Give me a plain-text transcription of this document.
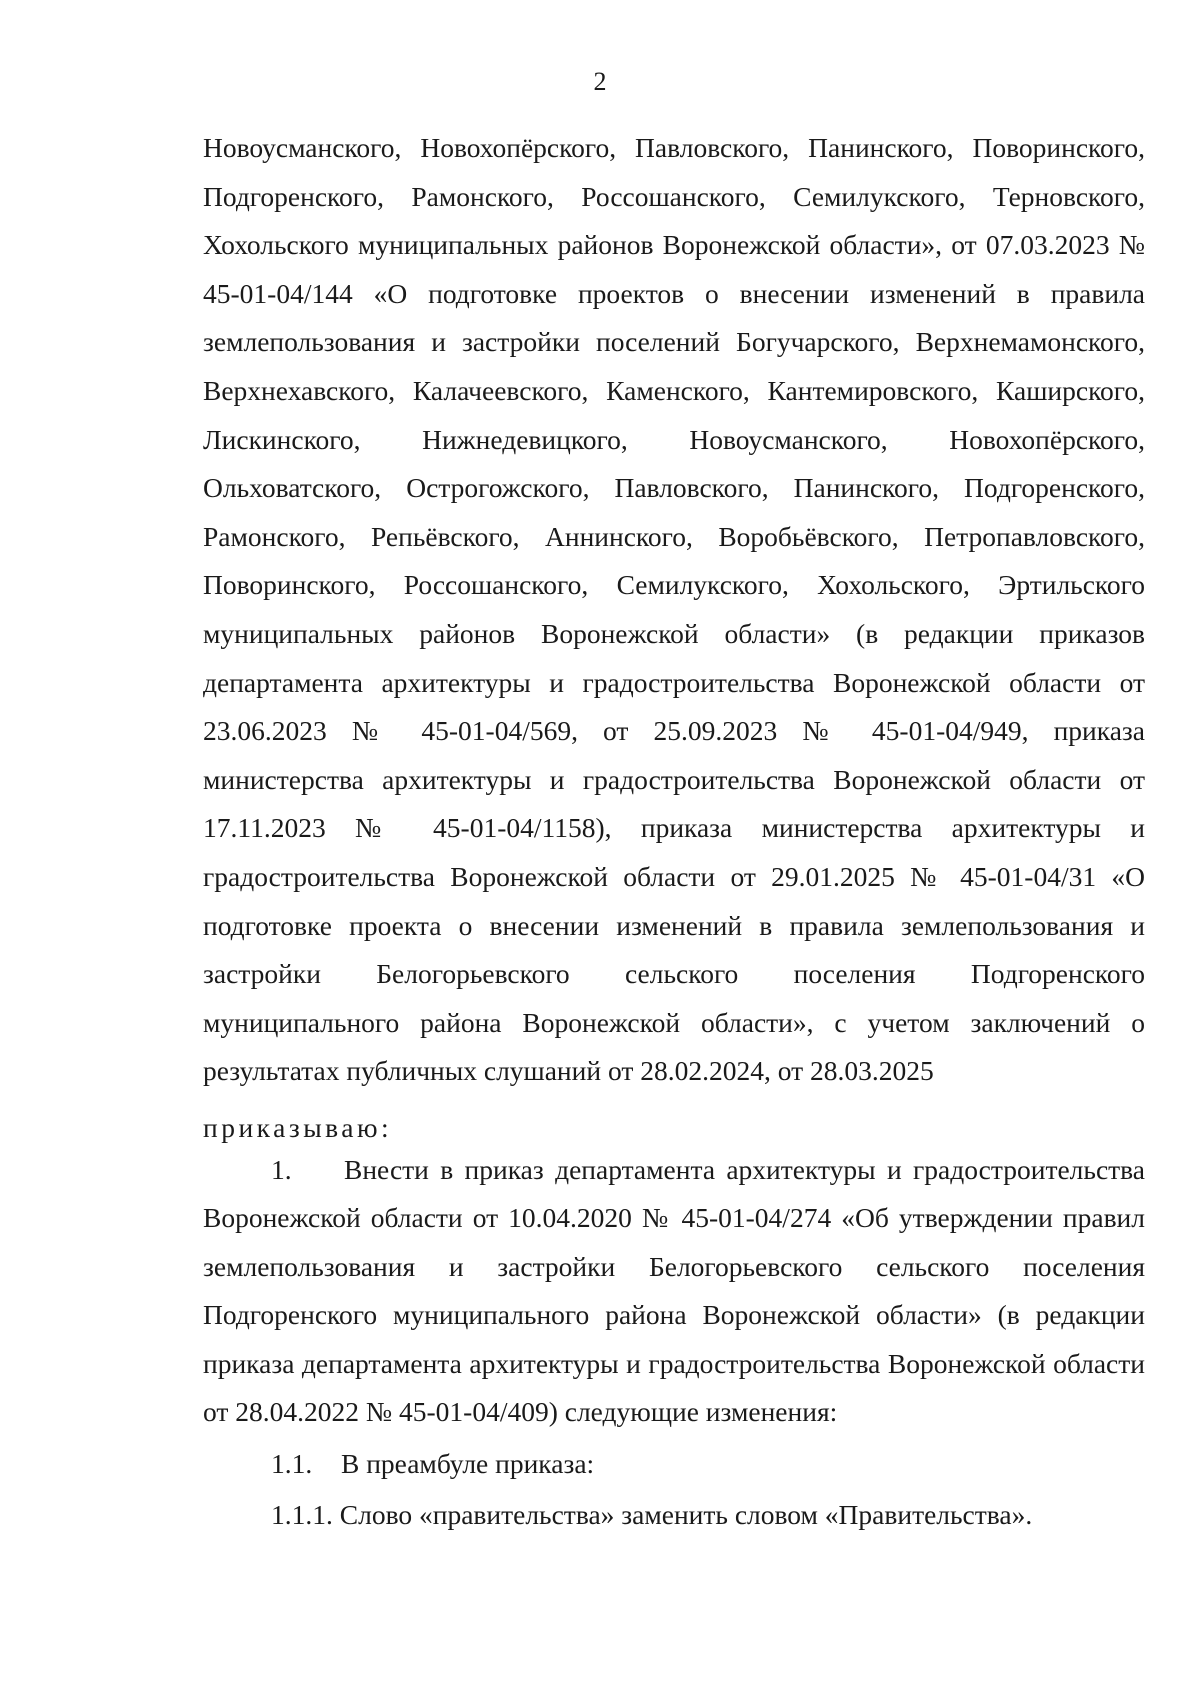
2

Новоусманского, Новохопёрского, Павловского, Панинского, Поворинского, Подгоренского, Рамонского, Россошанского, Семилукского, Терновского, Хохольского муниципальных районов Воронежской области», от 07.03.2023 № 45-01-04/144 «О подготовке проектов о внесении изменений в правила землепользования и застройки поселений Богучарского, Верхнемамонского, Верхнехавского, Калачеевского, Каменского, Кантемировского, Каширского, Лискинского, Нижнедевицкого, Новоусманского, Новохопёрского, Ольховатского, Острогожского, Павловского, Панинского, Подгоренского, Рамонского, Репьёвского, Аннинского, Воробьёвского, Петропавловского, Поворинского, Россошанского, Семилукского, Хохольского, Эртильского муниципальных районов Воронежской области» (в редакции приказов департамента архитектуры и градостроительства Воронежской области от 23.06.2023 № 45-01-04/569, от 25.09.2023 № 45-01-04/949, приказа министерства архитектуры и градостроительства Воронежской области от 17.11.2023 № 45-01-04/1158), приказа министерства архитектуры и градостроительства Воронежской области от 29.01.2025 № 45-01-04/31 «О подготовке проекта о внесении изменений в правила землепользования и застройки Белогорьевского сельского поселения Подгоренского муниципального района Воронежской области», с учетом заключений о результатах публичных слушаний от 28.02.2024, от 28.03.2025

приказываю:

1. Внести в приказ департамента архитектуры и градостроительства Воронежской области от 10.04.2020 № 45-01-04/274 «Об утверждении правил землепользования и застройки Белогорьевского сельского поселения Подгоренского муниципального района Воронежской области» (в редакции приказа департамента архитектуры и градостроительства Воронежской области от 28.04.2022 № 45-01-04/409) следующие изменения:

1.1. В преамбуле приказа:

1.1.1. Слово «правительства» заменить словом «Правительства».
